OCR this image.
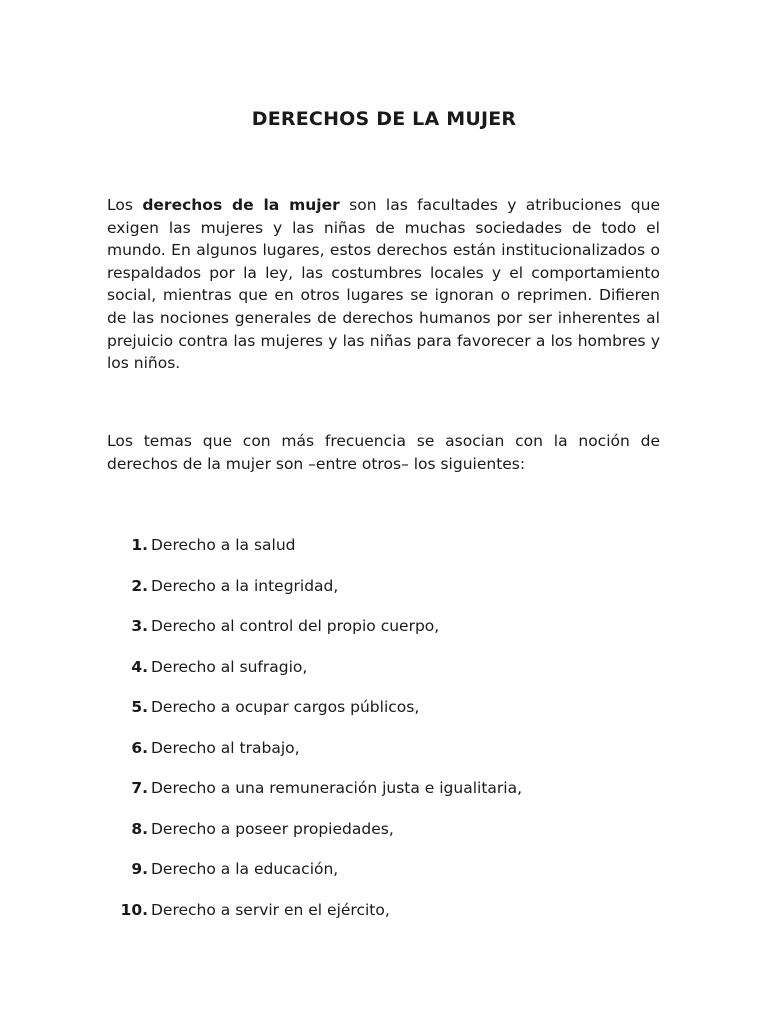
DERECHOS DE LA MUJER

Los derechos de la mujer son las facultades y atribuciones que exigen las mujeres y las niñas de muchas sociedades de todo el mundo. En algunos lugares, estos derechos están institucionalizados o respaldados por la ley, las costumbres locales y el comportamiento social, mientras que en otros lugares se ignoran o reprimen. Difieren de las nociones generales de derechos humanos por ser inherentes al prejuicio contra las mujeres y las niñas para favorecer a los hombres y los niños.

Los temas que con más frecuencia se asocian con la noción de derechos de la mujer son –entre otros– los siguientes:

1. Derecho a la salud
2. Derecho a la integridad,
3. Derecho al control del propio cuerpo,
4. Derecho al sufragio,
5. Derecho a ocupar cargos públicos,
6. Derecho al trabajo,
7. Derecho a una remuneración justa e igualitaria,
8. Derecho a poseer propiedades,
9. Derecho a la educación,
10. Derecho a servir en el ejército,
